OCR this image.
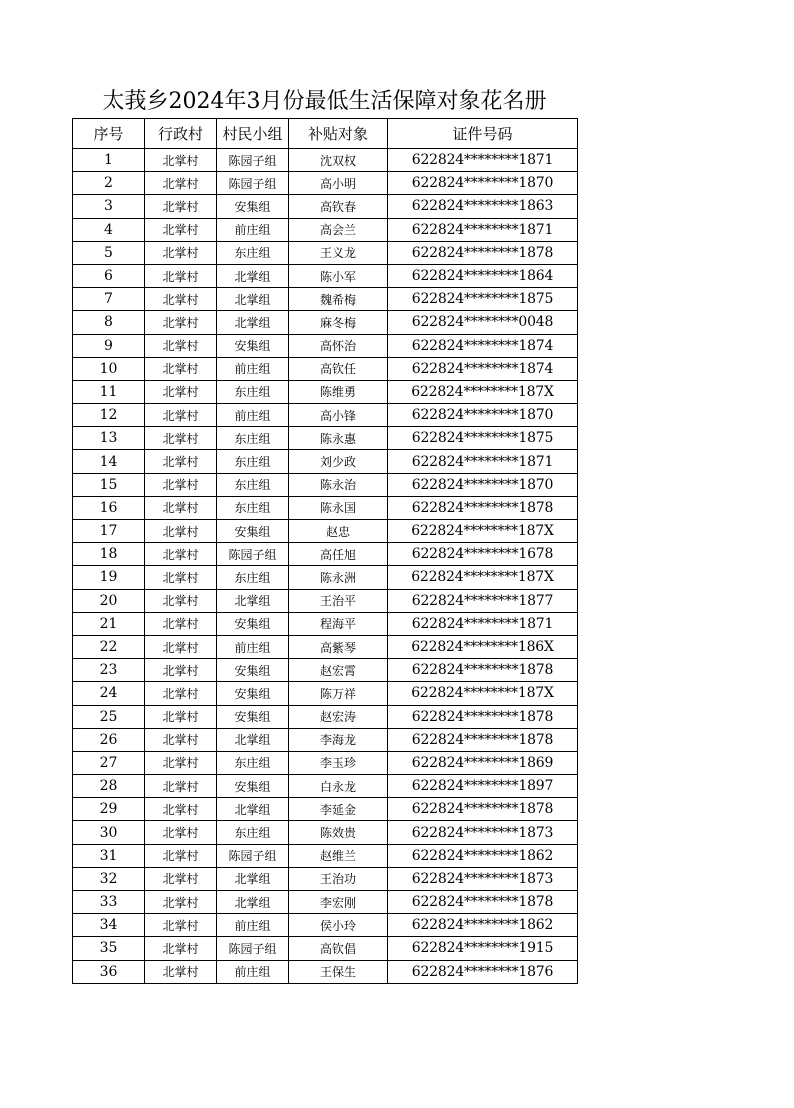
太莪乡2024年3月份最低生活保障对象花名册
序号	行政村	村民小组	补贴对象	证件号码
1	北掌村	陈园子组	沈双权	622824********1871
2	北掌村	陈园子组	高小明	622824********1870
3	北掌村	安集组	高钦春	622824********1863
4	北掌村	前庄组	高会兰	622824********1871
5	北掌村	东庄组	王义龙	622824********1878
6	北掌村	北掌组	陈小军	622824********1864
7	北掌村	北掌组	魏希梅	622824********1875
8	北掌村	北掌组	麻冬梅	622824********0048
9	北掌村	安集组	高怀治	622824********1874
10	北掌村	前庄组	高钦任	622824********1874
11	北掌村	东庄组	陈维勇	622824********187X
12	北掌村	前庄组	高小锋	622824********1870
13	北掌村	东庄组	陈永惠	622824********1875
14	北掌村	东庄组	刘少政	622824********1871
15	北掌村	东庄组	陈永治	622824********1870
16	北掌村	东庄组	陈永国	622824********1878
17	北掌村	安集组	赵忠	622824********187X
18	北掌村	陈园子组	高任旭	622824********1678
19	北掌村	东庄组	陈永洲	622824********187X
20	北掌村	北掌组	王治平	622824********1877
21	北掌村	安集组	程海平	622824********1871
22	北掌村	前庄组	高紫琴	622824********186X
23	北掌村	安集组	赵宏霄	622824********1878
24	北掌村	安集组	陈万祥	622824********187X
25	北掌村	安集组	赵宏涛	622824********1878
26	北掌村	北掌组	李海龙	622824********1878
27	北掌村	东庄组	李玉珍	622824********1869
28	北掌村	安集组	白永龙	622824********1897
29	北掌村	北掌组	李延金	622824********1878
30	北掌村	东庄组	陈效贵	622824********1873
31	北掌村	陈园子组	赵维兰	622824********1862
32	北掌村	北掌组	王治功	622824********1873
33	北掌村	北掌组	李宏刚	622824********1878
34	北掌村	前庄组	侯小玲	622824********1862
35	北掌村	陈园子组	高钦倡	622824********1915
36	北掌村	前庄组	王保生	622824********1876
